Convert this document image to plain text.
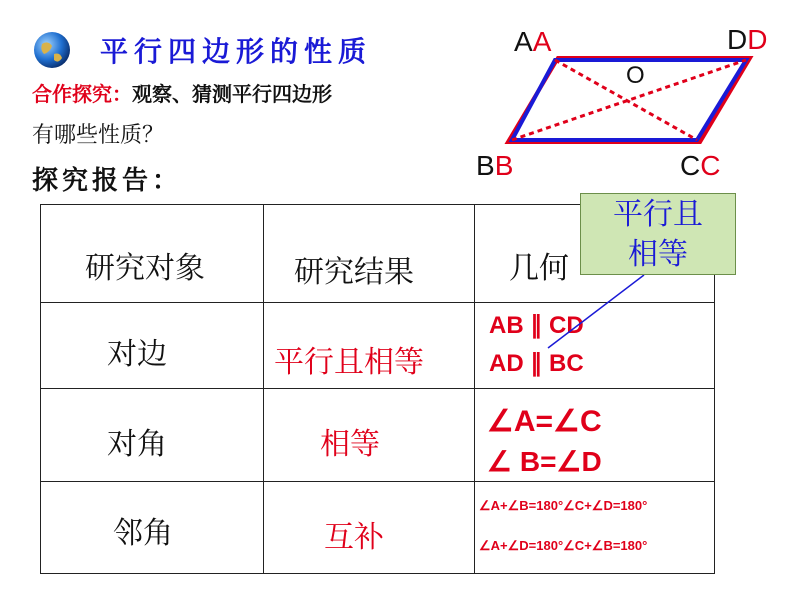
平行四边形的性质
合作探究：观察、猜测平行四边形
有哪些性质？
探究报告：
AA	DD
BB	CC
O
研究对象	研究结果	几何

对边	平行且相等	AB ∥ CD
AD ∥ BC

对角	相等	∠A=∠C
∠ B=∠D

邻角	互补	∠A+∠B=180°∠C+∠D=180°
∠A+∠D=180°∠C+∠B=180°
平行且
相等
